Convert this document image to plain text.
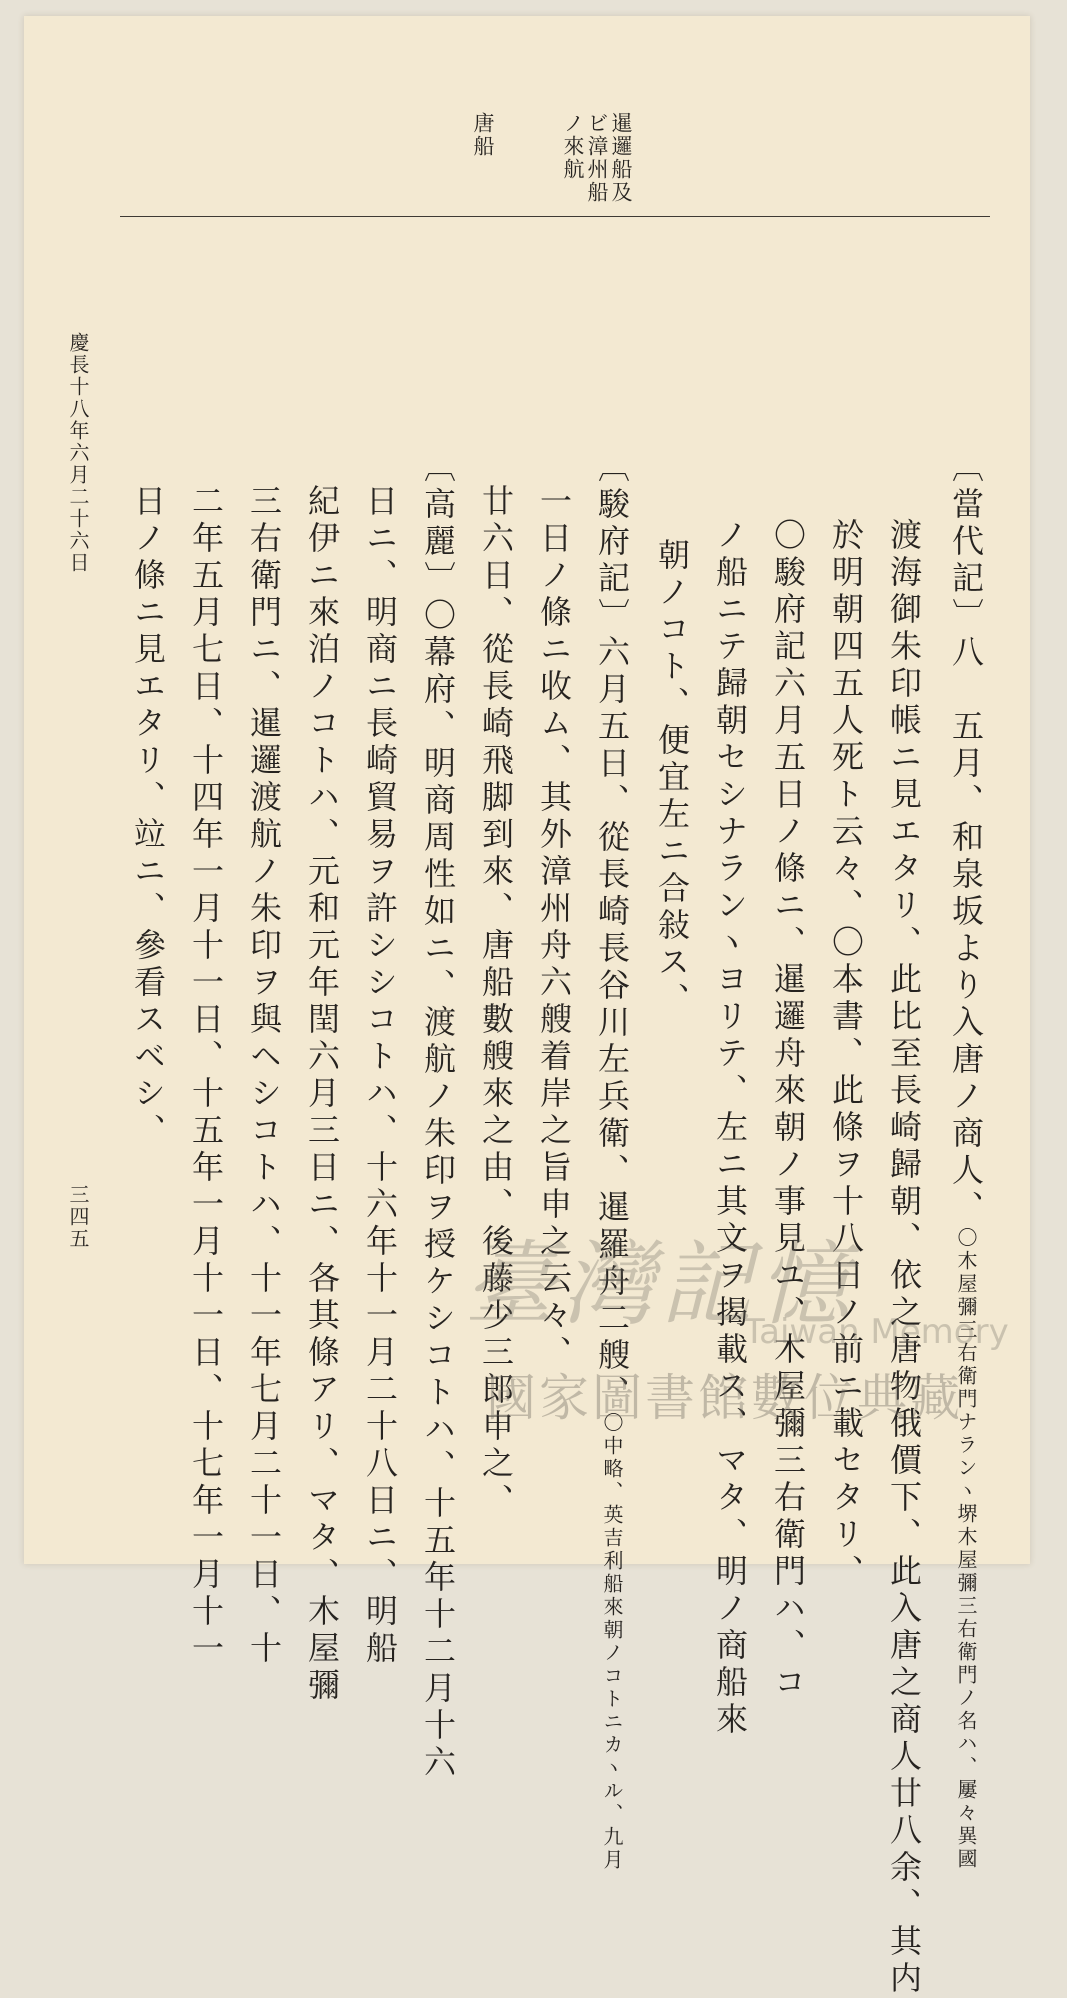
暹邏船及
ビ漳州船
ノ來航
唐船

〔當代記〕八　五月、和泉坂より入唐ノ商人、〇木屋彌三右衛門ナランヽ堺木屋彌三右衛門ノ名ハ、屢々異國

渡海御朱印帳ニ見エタリ、此比至長崎歸朝、依之唐物俄價下、此入唐之商人廿八余、其内

於明朝四五人死ト云々、〇本書、此條ヲ十八日ノ前ニ載セタリ、

〇駿府記六月五日ノ條ニ、暹邏舟來朝ノ事見ユ、木屋彌三右衛門ハ、コ

ノ船ニテ歸朝セシナランヽヨリテ、左ニ其文ヲ揭載ス、マタ、明ノ商船來

朝ノコト、便宜左ニ合敍ス、

〔駿府記〕六月五日、從長崎長谷川左兵衛、暹羅舟二艘、〇中略、英吉利船來朝ノコトニカヽル、九月

一日ノ條ニ收ム、其外漳州舟六艘着岸之旨申之云々、

廿六日、從長崎飛脚到來、唐船數艘來之由、後藤少三郎申之、

〔高麗〕〇幕府、明商周性如ニ、渡航ノ朱印ヲ授ケシコトハ、十五年十二月十六

日ニ、明商ニ長崎貿易ヲ許シシコトハ、十六年十一月二十八日ニ、明船

紀伊ニ來泊ノコトハ、元和元年閏六月三日ニ、各其條アリ、マタ、木屋彌

三右衛門ニ、暹邏渡航ノ朱印ヲ與ヘシコトハ、十一年七月二十一日、十

二年五月七日、十四年一月十一日、十五年一月十一日、十七年一月十一

日ノ條ニ見エタリ、竝ニ、參看スベシ、

慶長十八年六月二十六日
三四五
臺灣記憶
Taiwan Memory
國家圖書館數位典藏
